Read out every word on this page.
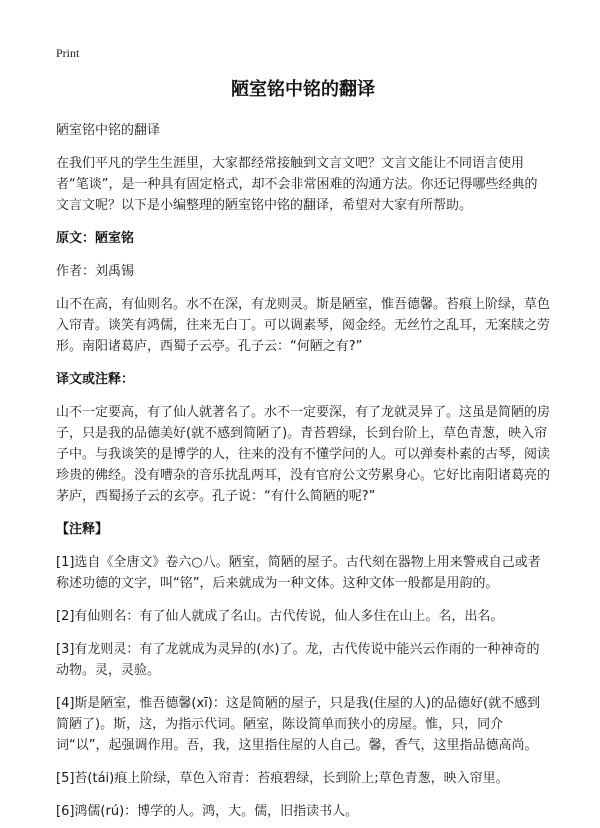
Print
陋室铭中铭的翻译

陋室铭中铭的翻译

在我们平凡的学生生涯里，大家都经常接触到文言文吧？文言文能让不同语言使用者“笔谈”，是一种具有固定格式，却不会非常困难的沟通方法。你还记得哪些经典的文言文呢？以下是小编整理的陋室铭中铭的翻译，希望对大家有所帮助。

原文：陋室铭

作者：刘禹锡

山不在高，有仙则名。水不在深，有龙则灵。斯是陋室，惟吾德馨。苔痕上阶绿，草色入帘青。谈笑有鸿儒，往来无白丁。可以调素琴，阅金经。无丝竹之乱耳，无案牍之劳形。南阳诸葛庐，西蜀子云亭。孔子云：“何陋之有?”

译文或注释：

山不一定要高，有了仙人就著名了。水不一定要深，有了龙就灵异了。这虽是简陋的房子，只是我的品德美好(就不感到简陋了)。青苔碧绿，长到台阶上，草色青葱，映入帘子中。与我谈笑的是博学的人，往来的没有不懂学问的人。可以弹奏朴素的古琴，阅读珍贵的佛经。没有嘈杂的音乐扰乱两耳，没有官府公文劳累身心。它好比南阳诸葛亮的茅庐，西蜀扬子云的玄亭。孔子说：“有什么简陋的呢?”

【注释】

[1]选自《全唐文》卷六○八。陋室，简陋的屋子。古代刻在器物上用来警戒自己或者称述功德的文字，叫“铭”，后来就成为一种文体。这种文体一般都是用韵的。

[2]有仙则名：有了仙人就成了名山。古代传说，仙人多住在山上。名，出名。

[3]有龙则灵：有了龙就成为灵异的(水)了。龙，古代传说中能兴云作雨的一种神奇的动物。灵，灵验。

[4]斯是陋室，惟吾德馨(xī)：这是简陋的屋子，只是我(住屋的人)的品德好(就不感到简陋了)。斯，这，为指示代词。陋室，陈设简单而狭小的房屋。惟，只，同介词“以”，起强调作用。吾，我，这里指住屋的人自己。馨，香气，这里指品德高尚。

[5]苔(tái)痕上阶绿，草色入帘青：苔痕碧绿，长到阶上;草色青葱，映入帘里。

[6]鸿儒(rú)：博学的人。鸿，大。儒，旧指读书人。
